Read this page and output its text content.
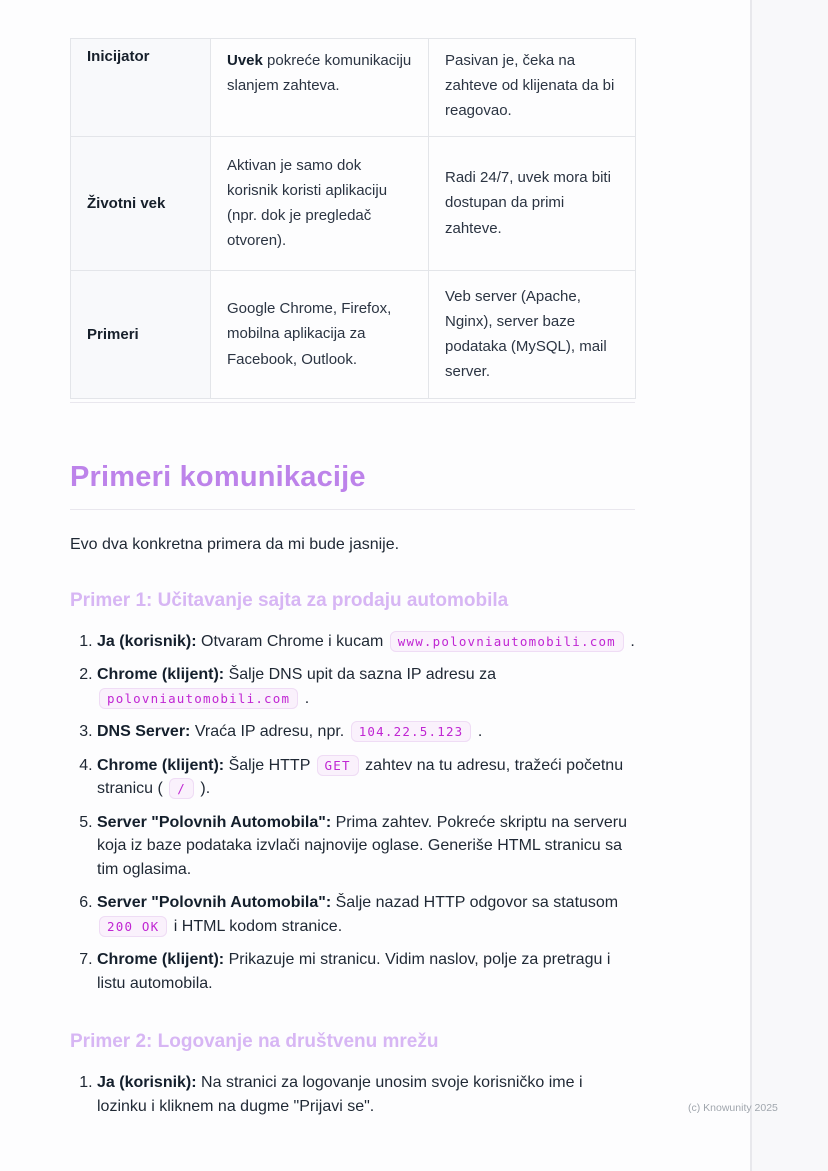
Inicijator	Uvek pokreće komunikaciju slanjem zahteva.	Pasivan je, čeka na zahteve od klijenata da bi reagovao.
Životni vek	Aktivan je samo dok korisnik koristi aplikaciju (npr. dok je pregledač otvoren).	Radi 24/7, uvek mora biti dostupan da primi zahteve.
Primeri	Google Chrome, Firefox, mobilna aplikacija za Facebook, Outlook.	Veb server (Apache, Nginx), server baze podataka (MySQL), mail server.
Primeri komunikacije

Evo dva konkretna primera da mi bude jasnije.

Primer 1: Učitavanje sajta za prodaju automobila
1. Ja (korisnik): Otvaram Chrome i kucam www.polovniautomobili.com .
2. Chrome (klijent): Šalje DNS upit da sazna IP adresu za polovniautomobili.com .
3. DNS Server: Vraća IP adresu, npr. 104.22.5.123 .
4. Chrome (klijent): Šalje HTTP GET zahtev na tu adresu, tražeći početnu stranicu ( / ).
5. Server "Polovnih Automobila": Prima zahtev. Pokreće skriptu na serveru koja iz baze podataka izvlači najnovije oglase. Generiše HTML stranicu sa tim oglasima.
6. Server "Polovnih Automobila": Šalje nazad HTTP odgovor sa statusom 200 OK i HTML kodom stranice.
7. Chrome (klijent): Prikazuje mi stranicu. Vidim naslov, polje za pretragu i listu automobila.
Primer 2: Logovanje na društvenu mrežu
1. Ja (korisnik): Na stranici za logovanje unosim svoje korisničko ime i lozinku i kliknem na dugme "Prijavi se".	(c) Knowunity 2025
